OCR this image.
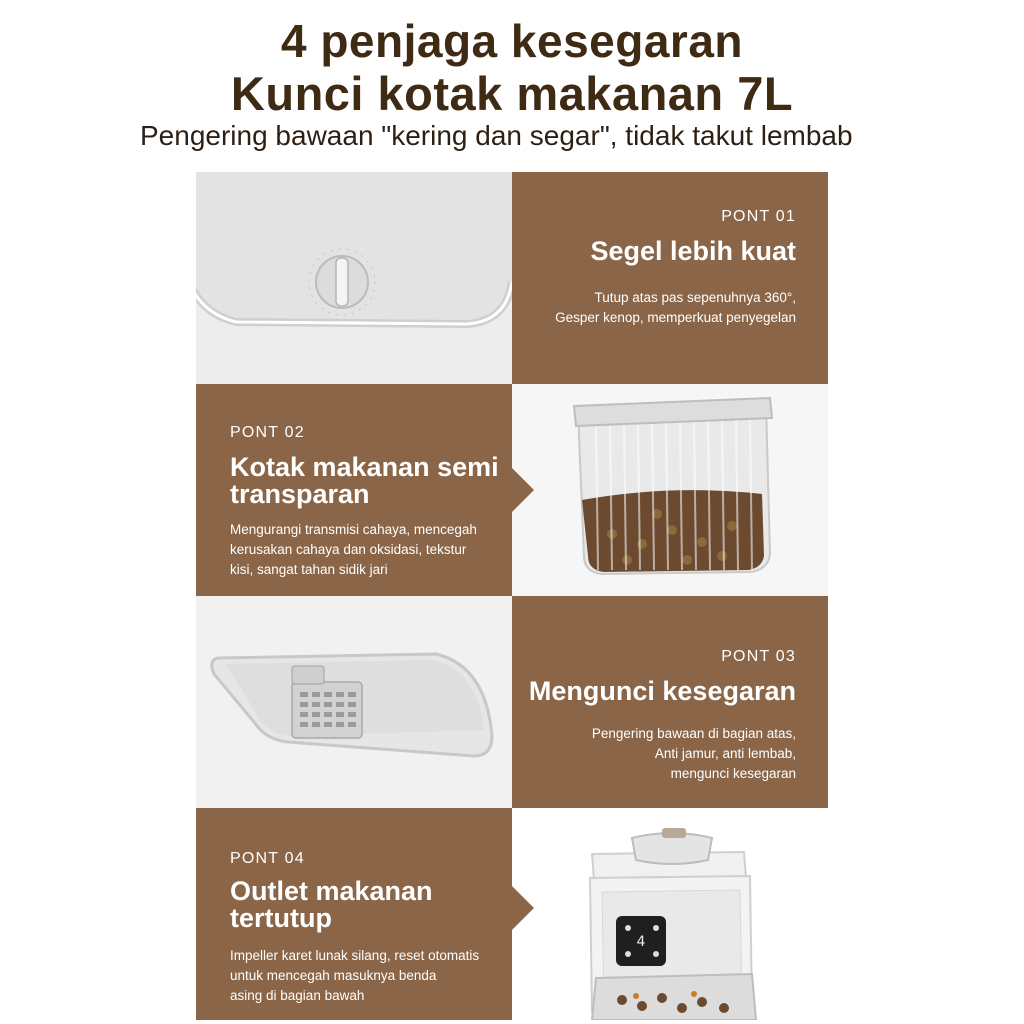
4 penjaga kesegaran
Kunci kotak makanan 7L
Pengering bawaan "kering dan segar", tidak takut lembab
PONT 01
Segel lebih kuat
Tutup atas pas sepenuhnya 360°,
Gesper kenop, memperkuat penyegelan
PONT 02
Kotak makanan semi
transparan
Mengurangi transmisi cahaya, mencegah
kerusakan cahaya dan oksidasi, tekstur
kisi, sangat tahan sidik jari
PONT 03
Mengunci kesegaran
Pengering bawaan di bagian atas,
Anti jamur, anti lembab,
mengunci kesegaran
PONT 04
Outlet makanan
tertutup
Impeller karet lunak silang, reset otomatis
untuk mencegah masuknya benda
asing di bagian bawah
4
